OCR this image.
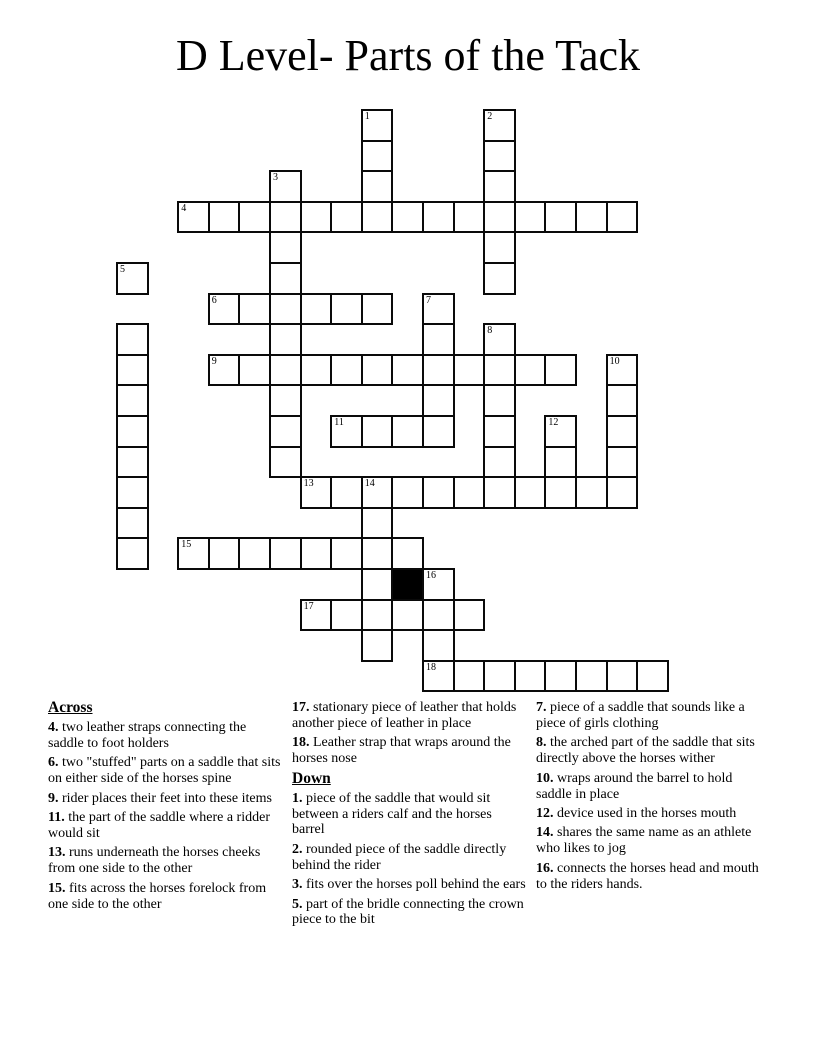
D Level- Parts of the Tack
1	2
3
4
5
6	7
8
9	10
11	12
13	14
15
16
17
18
Across
4. two leather straps connecting the saddle to foot holders
6. two "stuffed" parts on a saddle that sits on either side of the horses spine
9. rider places their feet into these items
11. the part of the saddle where a ridder would sit
13. runs underneath the horses cheeks from one side to the other
15. fits across the horses forelock from one side to the other
17. stationary piece of leather that holds another piece of leather in place
18. Leather strap that wraps around the horses nose
Down
1. piece of the saddle that would sit between a riders calf and the horses barrel
2. rounded piece of the saddle directly behind the rider
3. fits over the horses poll behind the ears
5. part of the bridle connecting the crown piece to the bit
7. piece of a saddle that sounds like a piece of girls clothing
8. the arched part of the saddle that sits directly above the horses wither
10. wraps around the barrel to hold saddle in place
12. device used in the horses mouth
14. shares the same name as an athlete who likes to jog
16. connects the horses head and mouth to the riders hands.
